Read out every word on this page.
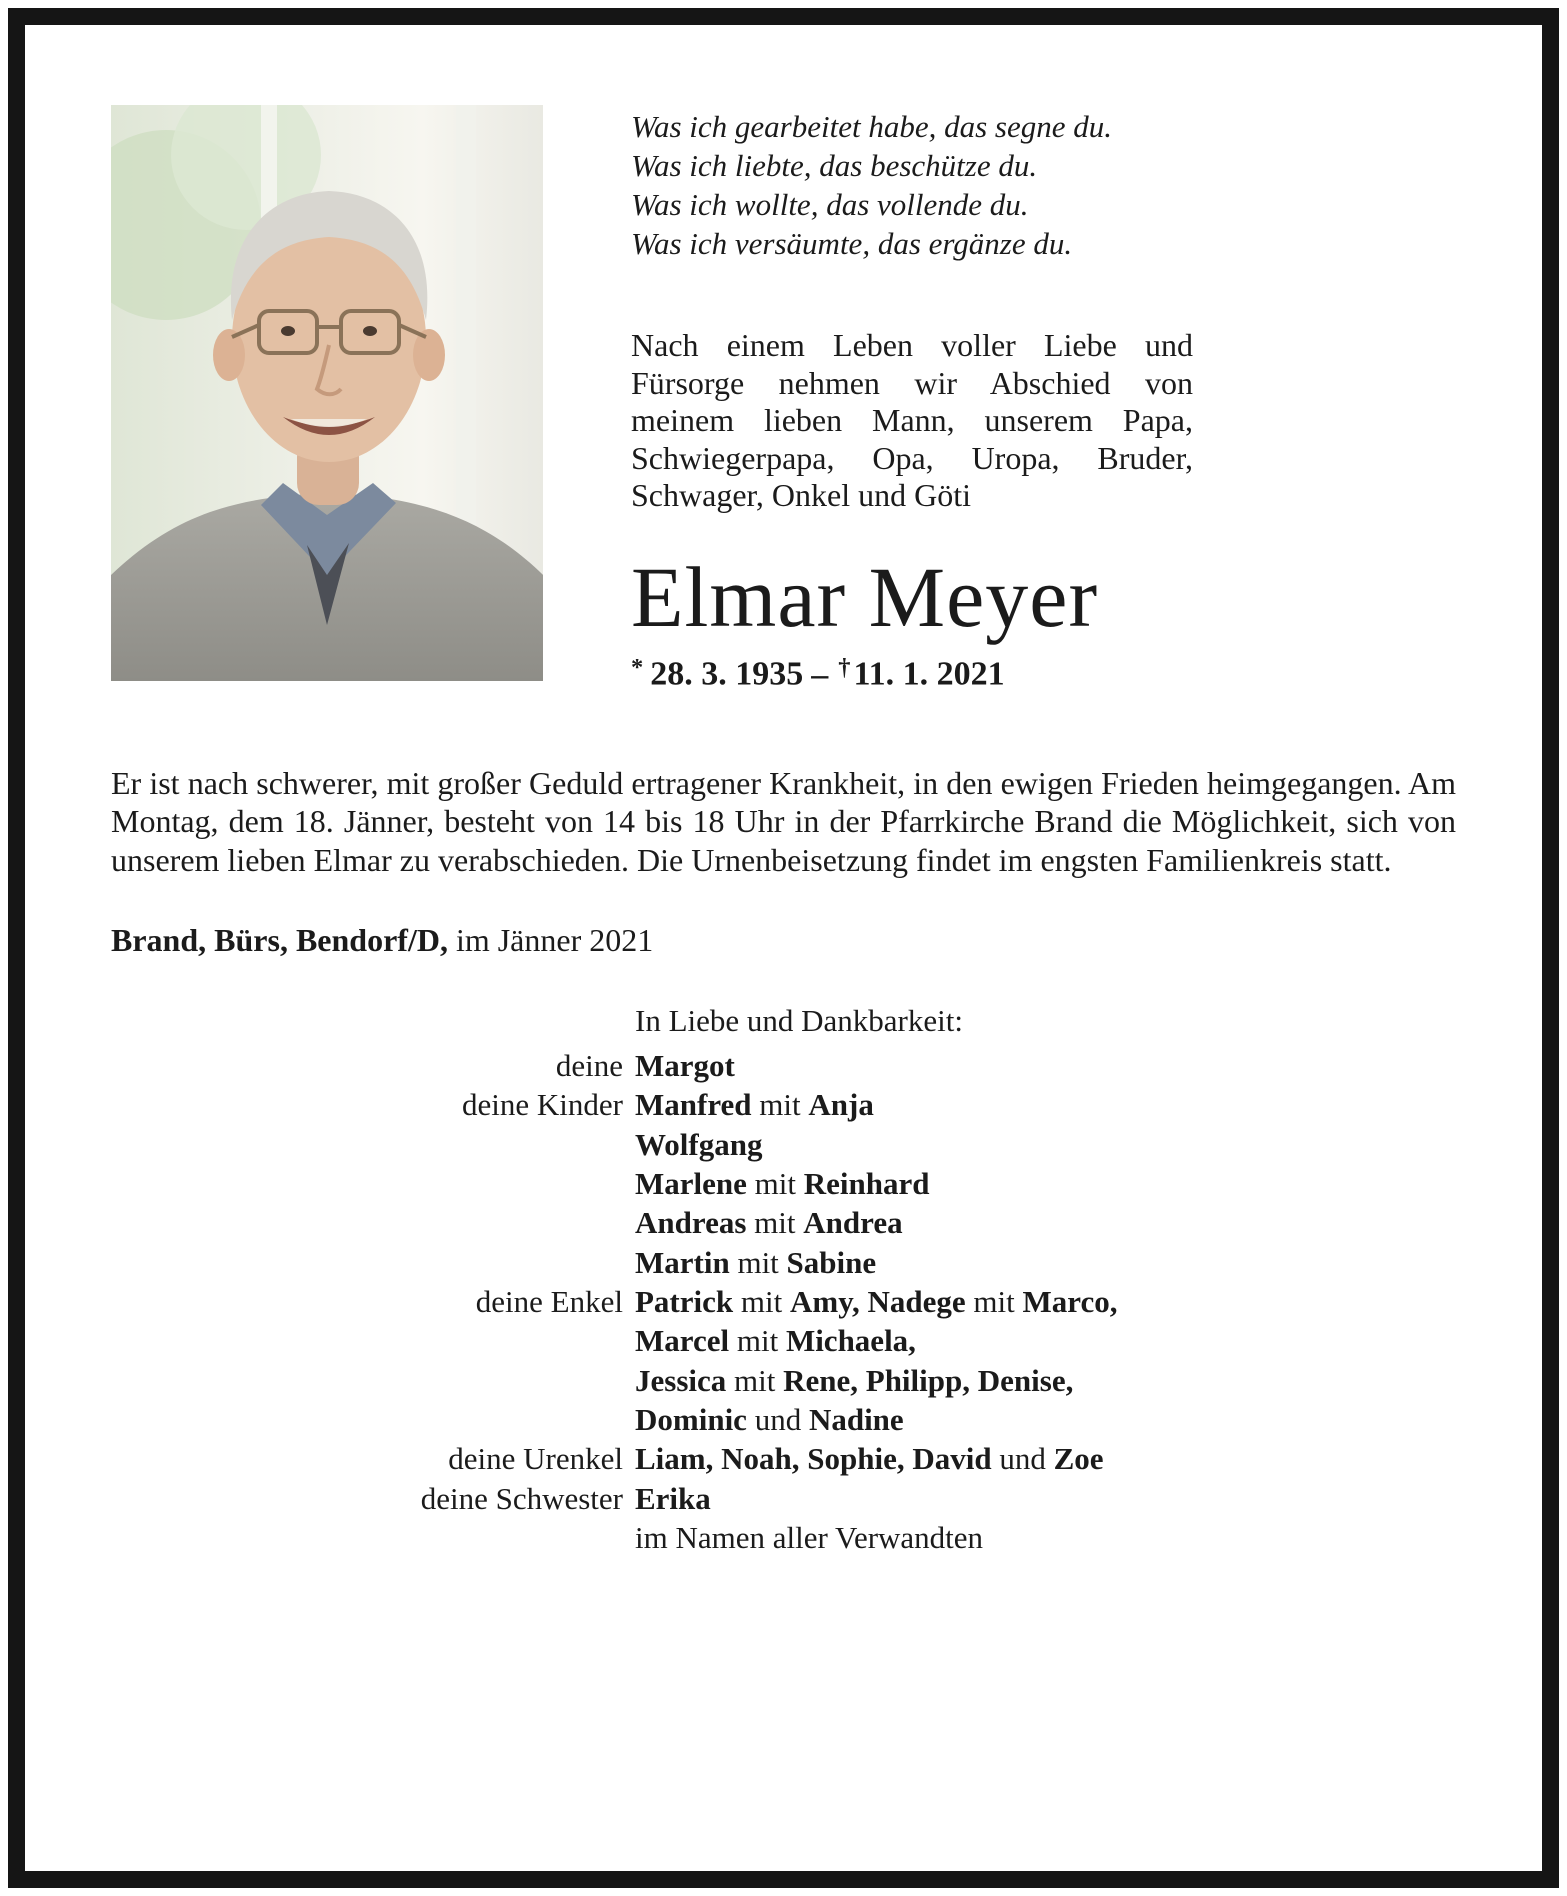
Was ich gearbeitet habe, das segne du.
Was ich liebte, das beschütze du.
Was ich wollte, das vollende du.
Was ich versäumte, das ergänze du.
Nach einem Leben voller Liebe und Fürsorge nehmen wir Abschied von meinem lieben Mann, unserem Papa, Schwiegerpapa, Opa, Uropa, Bruder, Schwager, Onkel und Göti
Elmar Meyer
* 28. 3. 1935 – †11. 1. 2021
Er ist nach schwerer, mit großer Geduld ertragener Krankheit, in den ewigen Frieden heimgegangen. Am Montag, dem 18. Jänner, besteht von 14 bis 18 Uhr in der Pfarrkirche Brand die Möglichkeit, sich von unserem lieben Elmar zu verabschieden. Die Urnenbeisetzung findet im engsten Familienkreis statt.
Brand, Bürs, Bendorf/D, im Jänner 2021
In Liebe und Dankbarkeit:
deine Margot
deine Kinder Manfred mit Anja
Wolfgang
Marlene mit Reinhard
Andreas mit Andrea
Martin mit Sabine
deine Enkel Patrick mit Amy, Nadege mit Marco,
Marcel mit Michaela,
Jessica mit Rene, Philipp, Denise,
Dominic und Nadine
deine Urenkel Liam, Noah, Sophie, David und Zoe
deine Schwester Erika
im Namen aller Verwandten
